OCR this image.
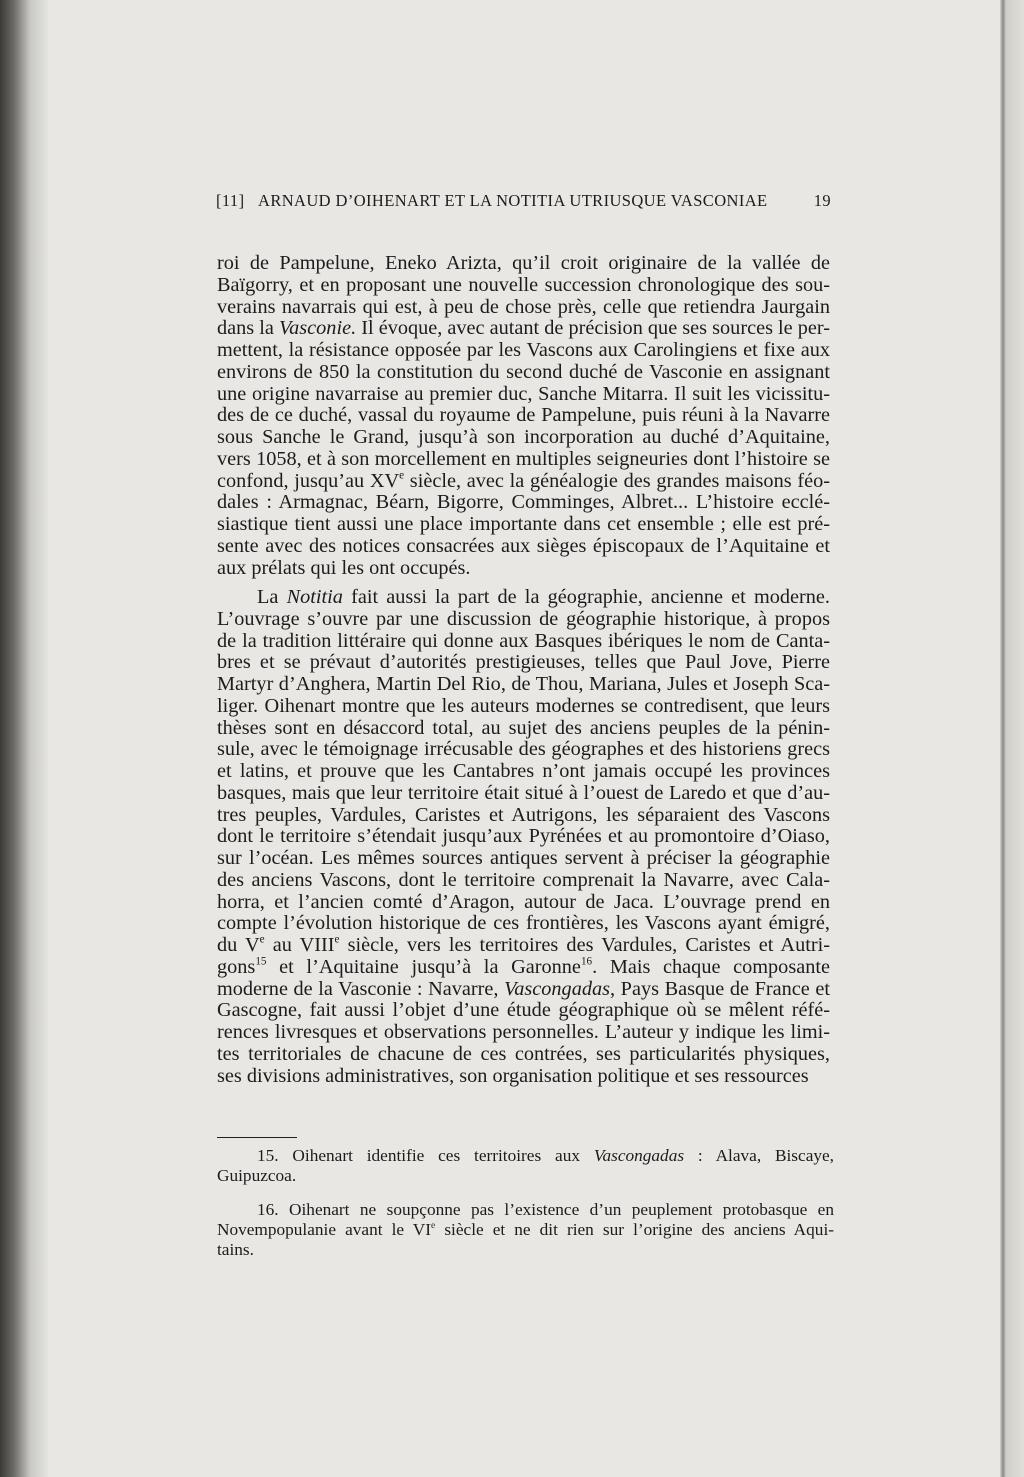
[11] ARNAUD D’OIHENART ET LA NOTITIA UTRIUSQUE VASCONIAE	19
roi de Pampelune, Eneko Arizta, qu’il croit originaire de la vallée de
Baïgorry, et en proposant une nouvelle succession chronologique des sou-
verains navarrais qui est, à peu de chose près, celle que retiendra Jaurgain
dans la Vasconie. Il évoque, avec autant de précision que ses sources le per-
mettent, la résistance opposée par les Vascons aux Carolingiens et fixe aux
environs de 850 la constitution du second duché de Vasconie en assignant
une origine navarraise au premier duc, Sanche Mitarra. Il suit les vicissitu-
des de ce duché, vassal du royaume de Pampelune, puis réuni à la Navarre
sous Sanche le Grand, jusqu’à son incorporation au duché d’Aquitaine,
vers 1058, et à son morcellement en multiples seigneuries dont l’histoire se
confond, jusqu’au XVe siècle, avec la généalogie des grandes maisons féo-
dales : Armagnac, Béarn, Bigorre, Comminges, Albret... L’histoire ecclé-
siastique tient aussi une place importante dans cet ensemble ; elle est pré-
sente avec des notices consacrées aux sièges épiscopaux de l’Aquitaine et
aux prélats qui les ont occupés.
La Notitia fait aussi la part de la géographie, ancienne et moderne.
L’ouvrage s’ouvre par une discussion de géographie historique, à propos
de la tradition littéraire qui donne aux Basques ibériques le nom de Canta-
bres et se prévaut d’autorités prestigieuses, telles que Paul Jove, Pierre
Martyr d’Anghera, Martin Del Rio, de Thou, Mariana, Jules et Joseph Sca-
liger. Oihenart montre que les auteurs modernes se contredisent, que leurs
thèses sont en désaccord total, au sujet des anciens peuples de la pénin-
sule, avec le témoignage irrécusable des géographes et des historiens grecs
et latins, et prouve que les Cantabres n’ont jamais occupé les provinces
basques, mais que leur territoire était situé à l’ouest de Laredo et que d’au-
tres peuples, Vardules, Caristes et Autrigons, les séparaient des Vascons
dont le territoire s’étendait jusqu’aux Pyrénées et au promontoire d’Oiaso,
sur l’océan. Les mêmes sources antiques servent à préciser la géographie
des anciens Vascons, dont le territoire comprenait la Navarre, avec Cala-
horra, et l’ancien comté d’Aragon, autour de Jaca. L’ouvrage prend en
compte l’évolution historique de ces frontières, les Vascons ayant émigré,
du Ve au VIIIe siècle, vers les territoires des Vardules, Caristes et Autri-
gons$^{15}$ et l’Aquitaine jusqu’à la Garonne$^{16}$. Mais chaque composante
moderne de la Vasconie : Navarre, Vascongadas, Pays Basque de France et
Gascogne, fait aussi l’objet d’une étude géographique où se mêlent réfé-
rences livresques et observations personnelles. L’auteur y indique les limi-
tes territoriales de chacune de ces contrées, ses particularités physiques,
ses divisions administratives, son organisation politique et ses ressources
15. Oihenart identifie ces territoires aux Vascongadas : Alava, Biscaye,
Guipuzcoa.
16. Oihenart ne soupçonne pas l’existence d’un peuplement protobasque en
Novempopulanie avant le VIe siècle et ne dit rien sur l’origine des anciens Aqui-
tains.
